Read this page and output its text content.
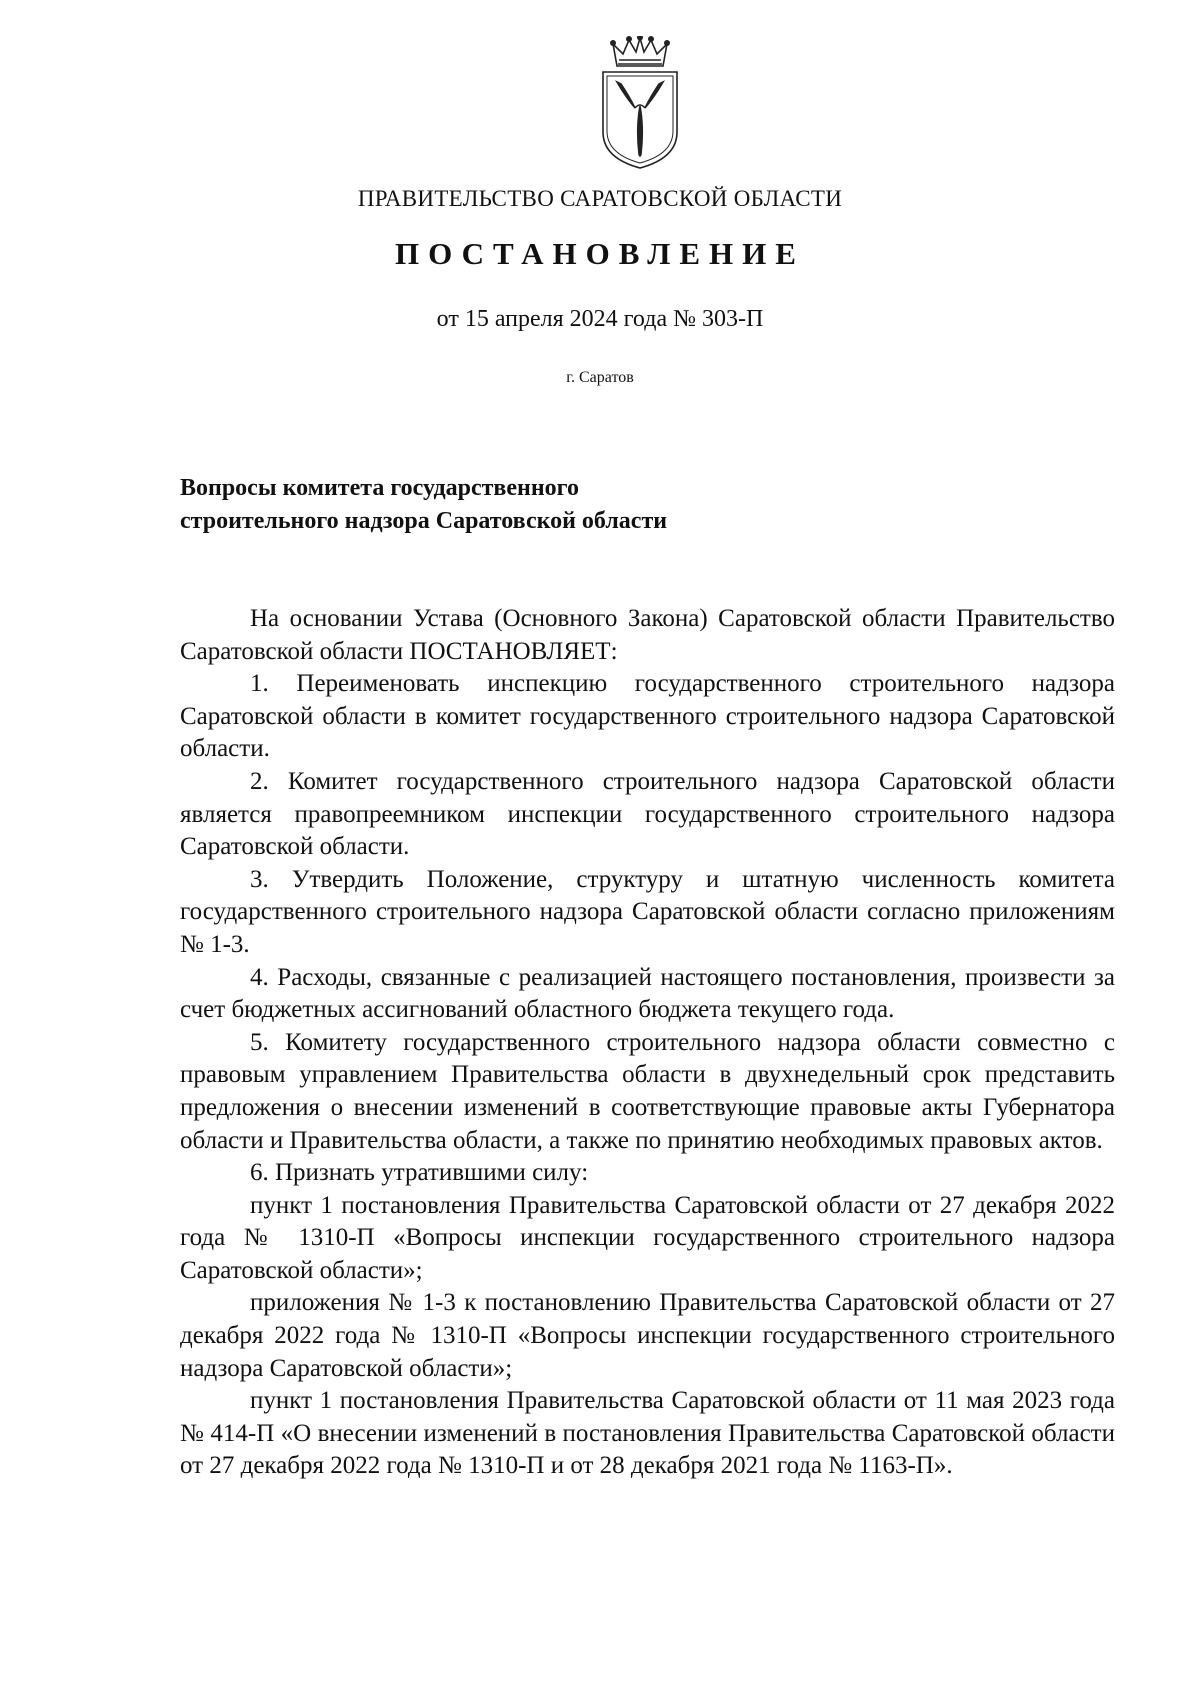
ПРАВИТЕЛЬСТВО САРАТОВСКОЙ ОБЛАСТИ
ПОСТАНОВЛЕНИЕ
от 15 апреля 2024 года № 303-П
г. Саратов
Вопросы комитета государственного
строительного надзора Саратовской области

На основании Устава (Основного Закона) Саратовской области Правительство Саратовской области ПОСТАНОВЛЯЕТ:

1. Переименовать инспекцию государственного строительного надзора Саратовской области в комитет государственного строительного надзора Саратовской области.

2. Комитет государственного строительного надзора Саратовской области является правопреемником инспекции государственного строительного надзора Саратовской области.

3. Утвердить Положение, структуру и штатную численность комитета государственного строительного надзора Саратовской области согласно приложениям № 1-3.

4. Расходы, связанные с реализацией настоящего постановления, произвести за счет бюджетных ассигнований областного бюджета текущего года.

5. Комитету государственного строительного надзора области совместно с правовым управлением Правительства области в двухнедельный срок представить предложения о внесении изменений в соответствующие правовые акты Губернатора области и Правительства области, а также по принятию необходимых правовых актов.

6. Признать утратившими силу:

пункт 1 постановления Правительства Саратовской области от 27 декабря 2022 года № 1310-П «Вопросы инспекции государственного строительного надзора Саратовской области»;

приложения № 1-3 к постановлению Правительства Саратовской области от 27 декабря 2022 года № 1310-П «Вопросы инспекции государственного строительного надзора Саратовской области»;

пункт 1 постановления Правительства Саратовской области от 11 мая 2023 года № 414-П «О внесении изменений в постановления Правительства Саратовской области от 27 декабря 2022 года № 1310-П и от 28 декабря 2021 года № 1163-П».
